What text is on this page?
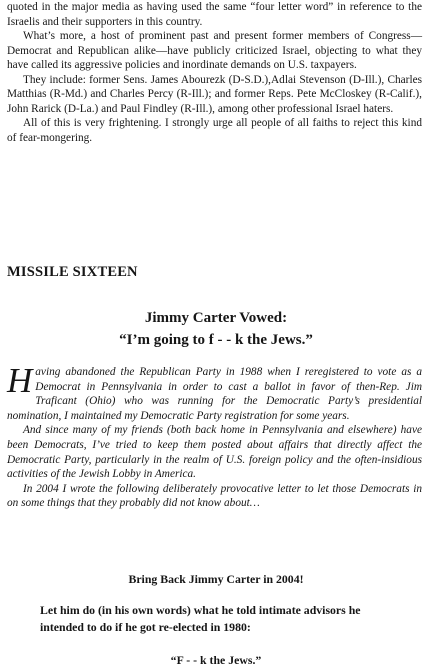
quoted in the major media as having used the same “four letter word” in reference to the Israelis and their supporters in this country.

What’s more, a host of prominent past and present former members of Congress—Democrat and Republican alike—have publicly criticized Israel, objecting to what they have called its aggressive policies and inordinate demands on U.S. taxpayers.

They include: former Sens. James Abourezk (D-S.D.),Adlai Stevenson (D-Ill.), Charles Matthias (R-Md.) and Charles Percy (R-Ill.); and former Reps. Pete McCloskey (R-Calif.), John Rarick (D-La.) and Paul Findley (R-Ill.), among other professional Israel haters.

All of this is very frightening. I strongly urge all people of all faiths to reject this kind of fear-mongering.

MISSILE SIXTEEN
Jimmy Carter Vowed:
“I’m going to f - - k the Jews.”

Having abandoned the Republican Party in 1988 when I reregistered to vote as a Democrat in Pennsylvania in order to cast a ballot in favor of then-Rep. Jim Traficant (Ohio) who was running for the Democratic Party’s presidential nomination, I maintained my Democratic Party registration for some years.

And since many of my friends (both back home in Pennsylvania and elsewhere) have been Democrats, I’ve tried to keep them posted about affairs that directly affect the Democratic Party, particularly in the realm of U.S. foreign policy and the often-insidious activities of the Jewish Lobby in America.

In 2004 I wrote the following deliberately provocative letter to let those Democrats in on some things that they probably did not know about…

Bring Back Jimmy Carter in 2004!
Let him do (in his own words) what he told intimate advisors he intended to do if he got re-elected in 1980:
“F - - k the Jews.”
